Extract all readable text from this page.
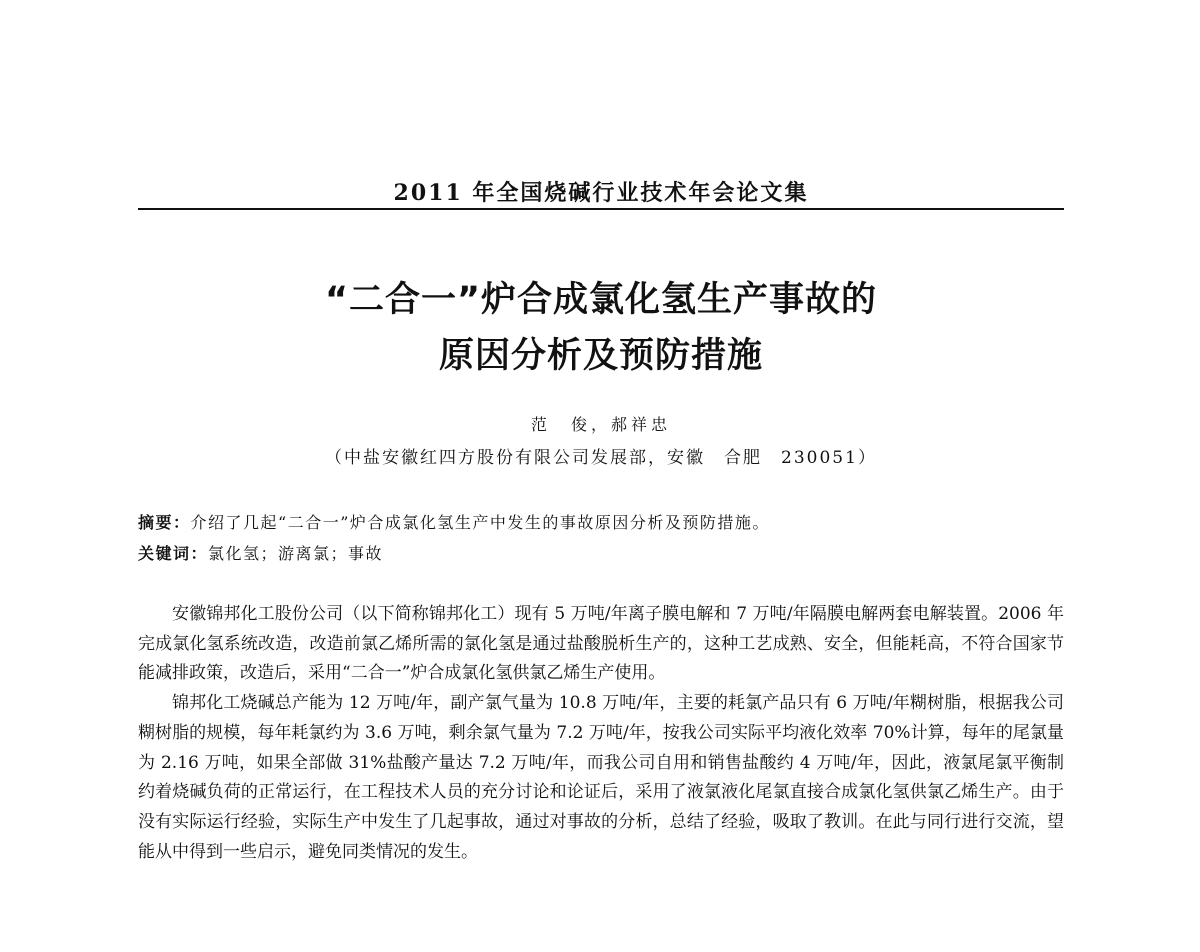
2011 年全国烧碱行业技术年会论文集
“二合一”炉合成氯化氢生产事故的
原因分析及预防措施
范　俊，郝祥忠
（中盐安徽红四方股份有限公司发展部，安徽　合肥　230051）
摘要：介绍了几起“二合一”炉合成氯化氢生产中发生的事故原因分析及预防措施。
关键词：氯化氢；游离氯；事故

安徽锦邦化工股份公司（以下简称锦邦化工）现有 5 万吨/年离子膜电解和 7 万吨/年隔膜电解两套电解装置。2006 年完成氯化氢系统改造，改造前氯乙烯所需的氯化氢是通过盐酸脱析生产的，这种工艺成熟、安全，但能耗高，不符合国家节能减排政策，改造后，采用“二合一”炉合成氯化氢供氯乙烯生产使用。

锦邦化工烧碱总产能为 12 万吨/年，副产氯气量为 10.8 万吨/年，主要的耗氯产品只有 6 万吨/年糊树脂，根据我公司糊树脂的规模，每年耗氯约为 3.6 万吨，剩余氯气量为 7.2 万吨/年，按我公司实际平均液化效率 70%计算，每年的尾氯量为 2.16 万吨，如果全部做 31%盐酸产量达 7.2 万吨/年，而我公司自用和销售盐酸约 4 万吨/年，因此，液氯尾氯平衡制约着烧碱负荷的正常运行，在工程技术人员的充分讨论和论证后，采用了液氯液化尾氯直接合成氯化氢供氯乙烯生产。由于没有实际运行经验，实际生产中发生了几起事故，通过对事故的分析，总结了经验，吸取了教训。在此与同行进行交流，望能从中得到一些启示，避免同类情况的发生。
